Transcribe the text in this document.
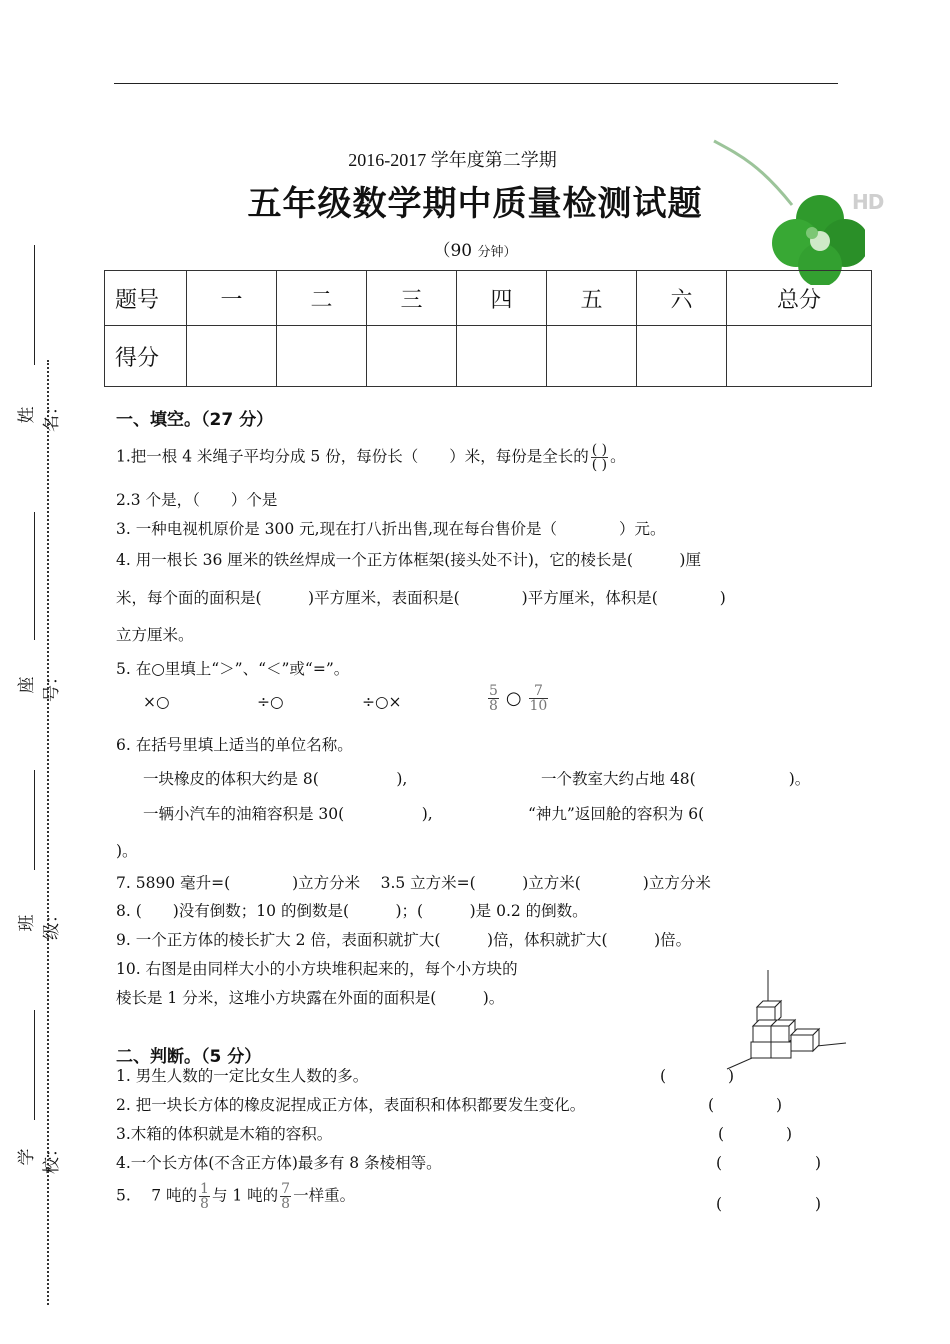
HD
2016-2017 学年度第二学期
五年级数学期中质量检测试题
（90 分钟）
题号	一	二	三	四	五	六	总分
得分							
姓名：
座号：
班级：
学校：
一、填空。（27 分）
1.把一根 4 米绳子平均分成 5 份，每份长（　　）米，每份是全长的 $\frac{( )}{( )}$ 。
2.3 个是，（　　）个是
3. 一种电视机原价是 300 元,现在打八折出售,现在每台售价是（　　　　）元。
4. 用一根长 36 厘米的铁丝焊成一个正方体框架(接头处不计)，它的棱长是(　　　)厘
米，每个面的面积是(　　　)平方厘米，表面积是(　　　　)平方厘米，体积是(　　　　)
立方厘米。
5. 在○里填上“＞”、“＜”或“=”。
×○	÷○	÷○×	$\frac{5}{8}$ ○ $\frac{7}{10}$
6. 在括号里填上适当的单位名称。
一块橡皮的体积大约是 8(　　　　　),	一个教室大约占地 48(　　　　　　)。
一辆小汽车的油箱容积是 30(　　　　　),	“神九”返回舱的容积为 6(
)。
7. 5890 毫升=(　　　　)立方分米　 3.5 立方米=(　　　)立方米(　　　　)立方分米
8. (　　)没有倒数；10 的倒数是(　　　)；(　　　)是 0.2 的倒数。
9. 一个正方体的棱长扩大 2 倍，表面积就扩大(　　　)倍，体积就扩大(　　　)倍。
10. 右图是由同样大小的小方块堆积起来的，每个小方块的
棱长是 1 分米，这堆小方块露在外面的面积是(　　　)。
二、判断。（5 分）
1. 男生人数的一定比女生人数的多。	(　　　　)
2. 把一块长方体的橡皮泥捏成正方体，表面积和体积都要发生变化。	(　　　　)
3.木箱的体积就是木箱的容积。	(　　　　)
4.一个长方体(不含正方体)最多有 8 条棱相等。	(　　　　　　)
5.　 7 吨的 $\frac{1}{8}$ 与 1 吨的 $\frac{7}{8}$ 一样重。	(　　　　　　)
